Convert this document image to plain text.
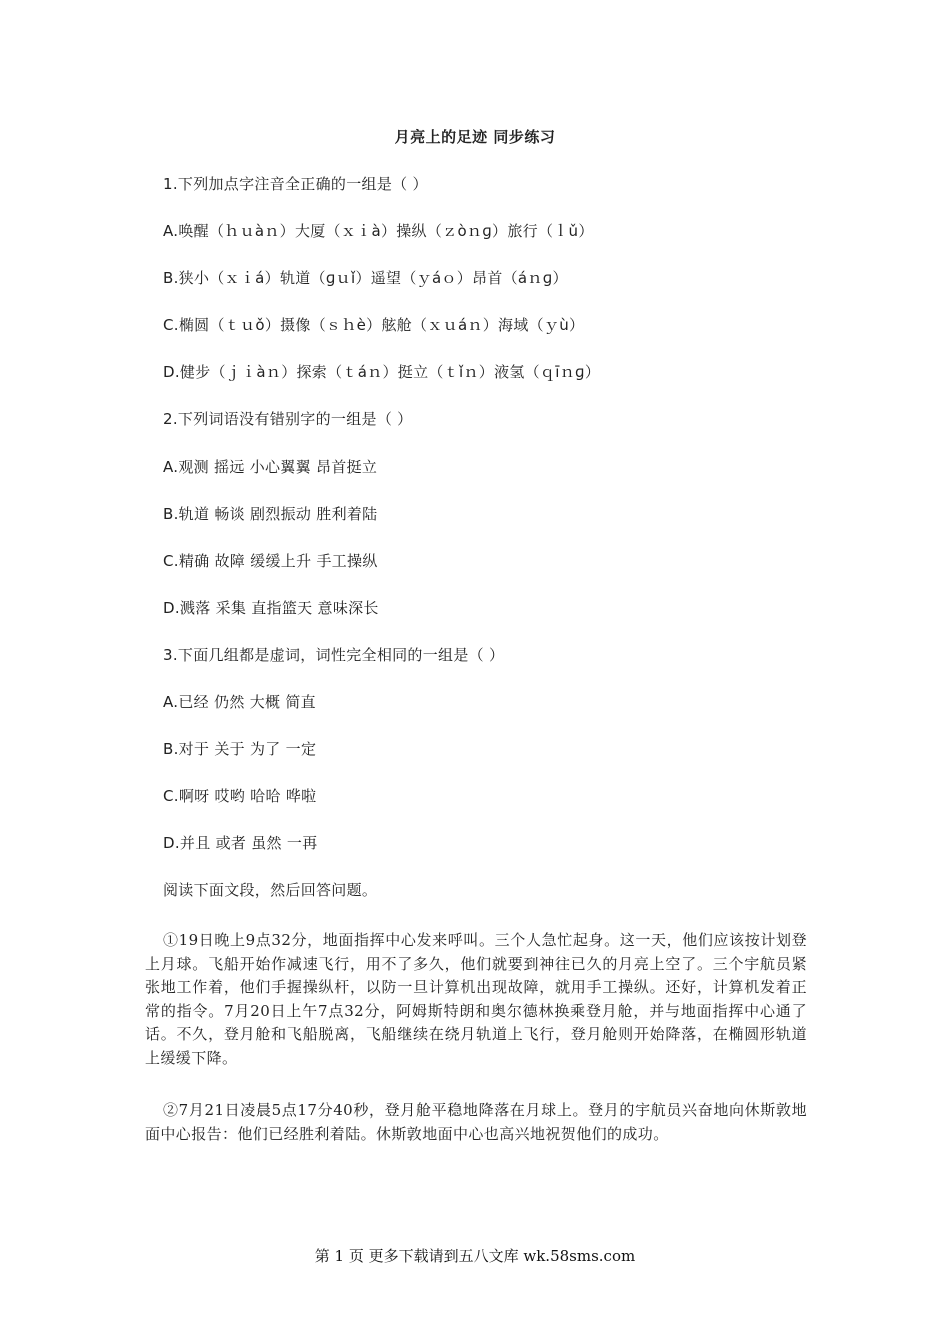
月亮上的足迹 同步练习
1.下列加点字注音全正确的一组是（ ）
A.唤醒（ｈｕàｎ）大厦（ｘｉà）操纵（ｚòｎɡ）旅行（ｌǔ）
B.狭小（ｘｉá）轨道（ɡｕǐ）遥望（ｙáｏ）昂首（áｎɡ）
C.椭圆（ｔｕǒ）摄像（ｓｈè）舷舱（ｘｕáｎ）海域（ｙù）
D.健步（ｊｉàｎ）探索（ｔáｎ）挺立（ｔǐｎ）液氢（ｑīｎɡ）
2.下列词语没有错别字的一组是（ ）
A.观测 摇远 小心翼翼 昂首挺立
B.轨道 畅谈 剧烈振动 胜利着陆
C.精确 故障 缓缓上升 手工操纵
D.溅落 采集 直指篮天 意味深长
3.下面几组都是虚词，词性完全相同的一组是（ ）
A.已经 仍然 大概 简直
B.对于 关于 为了 一定
C.啊呀 哎哟 哈哈 哗啦
D.并且 或者 虽然 一再
阅读下面文段，然后回答问题。
①19日晚上9点32分，地面指挥中心发来呼叫。三个人急忙起身。这一天，他们应该按计划登上月球。飞船开始作减速飞行，用不了多久，他们就要到神往已久的月亮上空了。三个宇航员紧张地工作着，他们手握操纵杆，以防一旦计算机出现故障，就用手工操纵。还好，计算机发着正常的指令。7月20日上午7点32分，阿姆斯特朗和奥尔德林换乘登月舱，并与地面指挥中心通了话。不久，登月舱和飞船脱离，飞船继续在绕月轨道上飞行，登月舱则开始降落，在椭圆形轨道上缓缓下降。
②7月21日凌晨5点17分40秒，登月舱平稳地降落在月球上。登月的宇航员兴奋地向休斯敦地面中心报告：他们已经胜利着陆。休斯敦地面中心也高兴地祝贺他们的成功。
第 1 页 更多下载请到五八文库 wk.58sms.com
